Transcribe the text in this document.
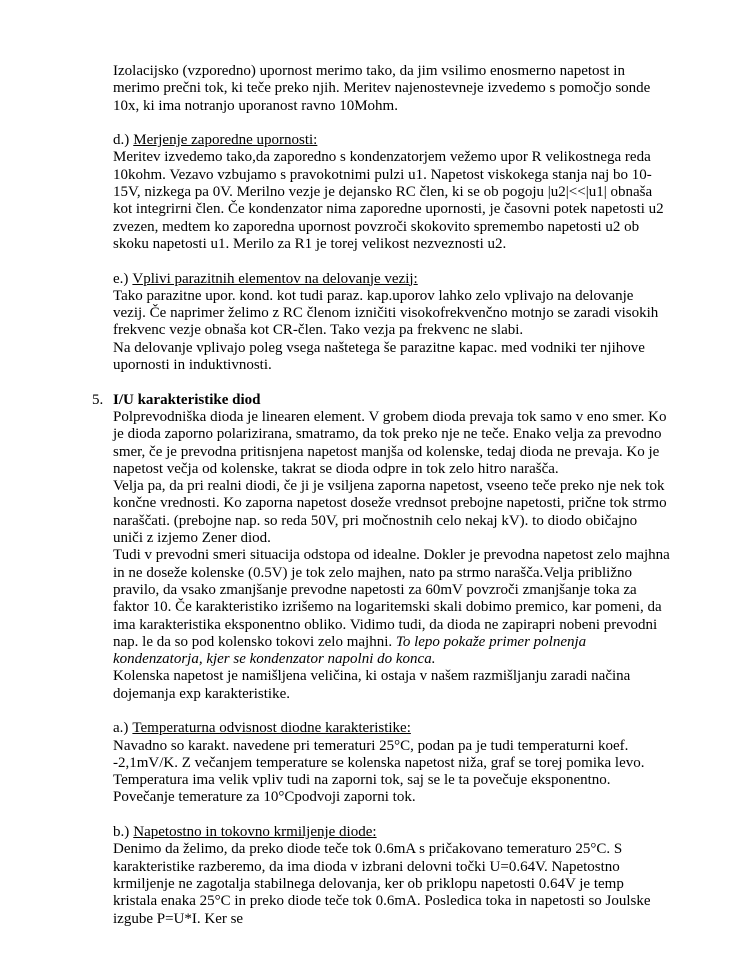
Izolacijsko (vzporedno) upornost merimo tako, da jim vsilimo enosmerno napetost in merimo prečni tok, ki teče preko njih. Meritev najenostevneje izvedemo s pomočjo sonde 10x, ki ima notranjo uporanost ravno 10Mohm.

d.) Merjenje zaporedne upornosti:

Meritev izvedemo tako,da zaporedno s kondenzatorjem vežemo upor R velikostnega reda 10kohm. Vezavo vzbujamo s pravokotnimi pulzi u1. Napetost viskokega stanja naj bo 10-15V, nizkega pa 0V. Merilno vezje je dejansko RC člen, ki se ob pogoju |u2|<<|u1| obnaša kot integrirni člen. Če kondenzator nima zaporedne upornosti, je časovni potek napetosti u2 zvezen, medtem ko zaporedna upornost povzroči skokovito spremembo napetosti u2 ob skoku napetosti u1. Merilo za R1 je torej velikost nezveznosti u2.

e.) Vplivi parazitnih elementov na delovanje vezij:

Tako parazitne upor. kond. kot tudi paraz. kap.uporov lahko zelo vplivajo na delovanje vezij. Če naprimer želimo z RC členom izničiti visokofrekvenčno motnjo se zaradi visokih frekvenc vezje obnaša kot CR-člen. Tako vezja pa frekvenc ne slabi.

Na delovanje vplivajo poleg vsega naštetega še parazitne kapac. med vodniki ter njihove upornosti in induktivnosti.

5. I/U karakteristike diod

Polprevodniška dioda je linearen element. V grobem dioda prevaja tok samo v eno smer. Ko je dioda zaporno polarizirana, smatramo, da tok preko nje ne teče. Enako velja za prevodno smer, če je prevodna pritisnjena napetost manjša od kolenske, tedaj dioda ne prevaja. Ko je napetost večja od kolenske, takrat se dioda odpre in tok zelo hitro narašča.

Velja pa, da pri realni diodi, če ji je vsiljena zaporna napetost, vseeno teče preko nje nek tok končne vrednosti. Ko zaporna napetost doseže vrednsot prebojne napetosti, prične tok strmo naraščati. (prebojne nap. so reda 50V, pri močnostnih celo nekaj kV). to diodo običajno uniči z izjemo Zener diod.

Tudi v prevodni smeri situacija odstopa od idealne. Dokler je prevodna napetost zelo majhna in ne doseže kolenske (0.5V) je tok zelo majhen, nato pa strmo narašča.Velja približno pravilo, da vsako zmanjšanje prevodne napetosti za 60mV povzroči zmanjšanje toka za faktor 10. Če karakteristiko izrišemo na logaritemski skali dobimo premico, kar pomeni, da ima karakteristika eksponentno obliko. Vidimo tudi, da dioda ne zapirapri nobeni prevodni nap. le da so pod kolensko tokovi zelo majhni. To lepo pokaže primer polnenja kondenzatorja, kjer se kondenzator napolni do konca.

Kolenska napetost je namišljena veličina, ki ostaja v našem razmišljanju zaradi načina dojemanja exp karakteristike.

a.) Temperaturna odvisnost diodne karakteristike:

Navadno so karakt. navedene pri temeraturi 25°C, podan pa je tudi temperaturni koef. -2,1mV/K. Z večanjem temperature se kolenska napetost niža, graf se torej pomika levo. Temperatura ima velik vpliv tudi na zaporni tok, saj se le ta povečuje eksponentno. Povečanje temerature za 10°Cpodvoji zaporni tok.

b.) Napetostno in tokovno krmiljenje diode:

Denimo da želimo, da preko diode teče tok 0.6mA s pričakovano temeraturo 25°C. S karakteristike razberemo, da ima dioda v izbrani delovni točki U=0.64V. Napetostno krmiljenje ne zagotalja stabilnega delovanja, ker ob priklopu napetosti 0.64V je temp kristala enaka 25°C in preko diode teče tok 0.6mA. Posledica toka in napetosti so Joulske izgube P=U*I. Ker se
